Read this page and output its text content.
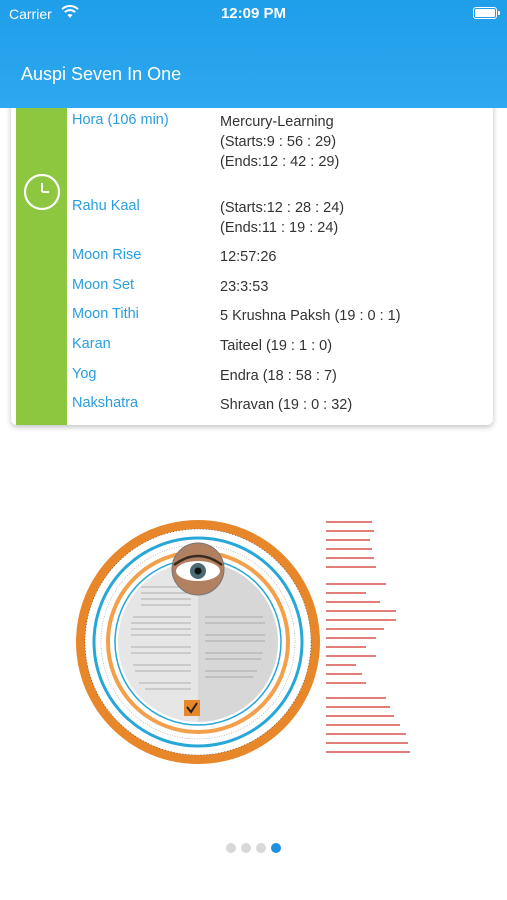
Carrier	12:09 PM
Auspi Seven In One
Hora (106 min)	Mercury-Learning
(Starts:9 : 56 : 29)
(Ends:12 : 42 : 29)
Rahu Kaal	(Starts:12 : 28 : 24)
(Ends:11 : 19 : 24)
Moon Rise	12:57:26
Moon Set	23:3:53
Moon Tithi	5 Krushna Paksh (19 : 0 : 1)
Karan	Taiteel (19 : 1 : 0)
Yog	Endra (18 : 58 : 7)
Nakshatra	Shravan (19 : 0 : 32)
